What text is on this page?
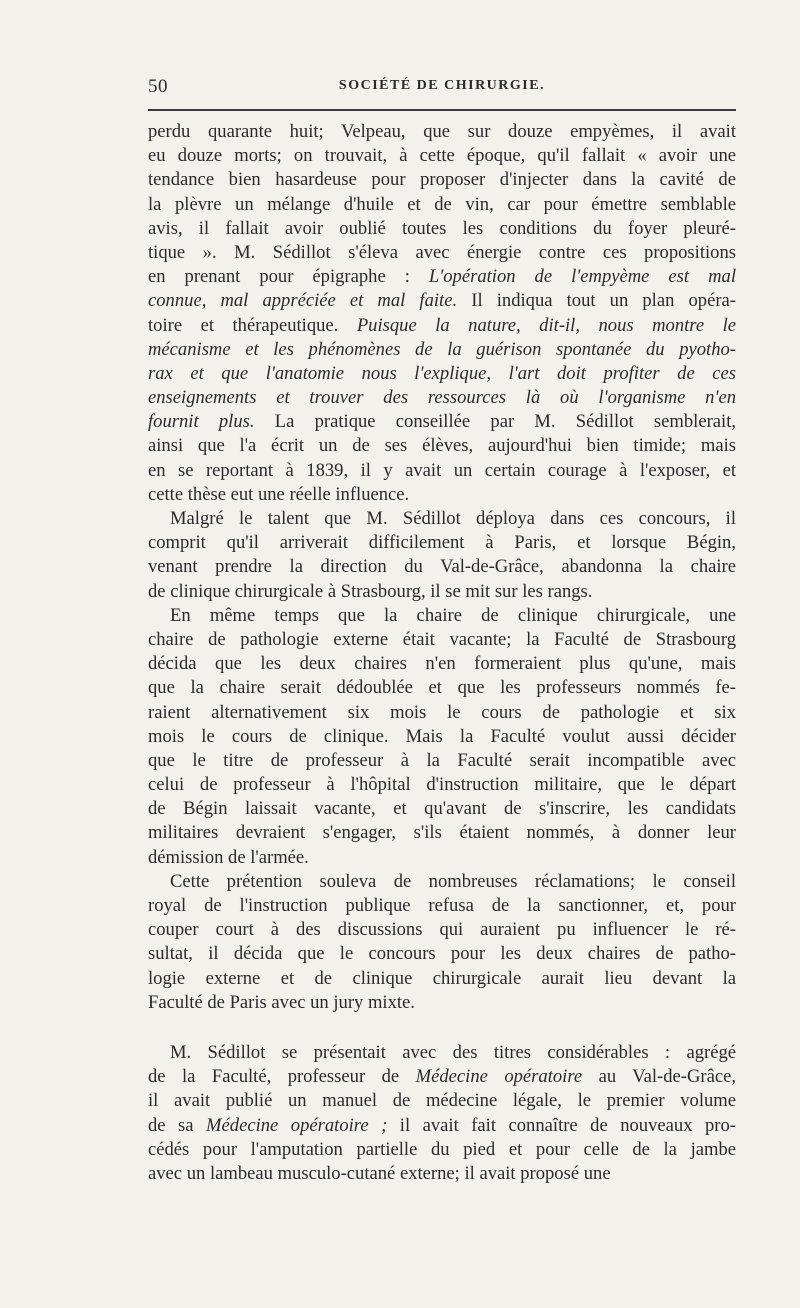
50	SOCIÉTÉ DE CHIRURGIE.
perdu quarante huit; Velpeau, que sur douze empyèmes, il avait
eu douze morts; on trouvait, à cette époque, qu'il fallait « avoir une
tendance bien hasardeuse pour proposer d'injecter dans la cavité de
la plèvre un mélange d'huile et de vin, car pour émettre semblable
avis, il fallait avoir oublié toutes les conditions du foyer pleuré-
tique ». M. Sédillot s'éleva avec énergie contre ces propositions
en prenant pour épigraphe : L'opération de l'empyème est mal
connue, mal appréciée et mal faite. Il indiqua tout un plan opéra-
toire et thérapeutique. Puisque la nature, dit-il, nous montre le
mécanisme et les phénomènes de la guérison spontanée du pyotho-
rax et que l'anatomie nous l'explique, l'art doit profiter de ces
enseignements et trouver des ressources là où l'organisme n'en
fournit plus. La pratique conseillée par M. Sédillot semblerait,
ainsi que l'a écrit un de ses élèves, aujourd'hui bien timide; mais
en se reportant à 1839, il y avait un certain courage à l'exposer, et
cette thèse eut une réelle influence.
Malgré le talent que M. Sédillot déploya dans ces concours, il
comprit qu'il arriverait difficilement à Paris, et lorsque Bégin,
venant prendre la direction du Val-de-Grâce, abandonna la chaire
de clinique chirurgicale à Strasbourg, il se mit sur les rangs.
En même temps que la chaire de clinique chirurgicale, une
chaire de pathologie externe était vacante; la Faculté de Strasbourg
décida que les deux chaires n'en formeraient plus qu'une, mais
que la chaire serait dédoublée et que les professeurs nommés fe-
raient alternativement six mois le cours de pathologie et six
mois le cours de clinique. Mais la Faculté voulut aussi décider
que le titre de professeur à la Faculté serait incompatible avec
celui de professeur à l'hôpital d'instruction militaire, que le départ
de Bégin laissait vacante, et qu'avant de s'inscrire, les candidats
militaires devraient s'engager, s'ils étaient nommés, à donner leur
démission de l'armée.
Cette prétention souleva de nombreuses réclamations; le conseil
royal de l'instruction publique refusa de la sanctionner, et, pour
couper court à des discussions qui auraient pu influencer le ré-
sultat, il décida que le concours pour les deux chaires de patho-
logie externe et de clinique chirurgicale aurait lieu devant la
Faculté de Paris avec un jury mixte.
M. Sédillot se présentait avec des titres considérables : agrégé
de la Faculté, professeur de Médecine opératoire au Val-de-Grâce,
il avait publié un manuel de médecine légale, le premier volume
de sa Médecine opératoire ; il avait fait connaître de nouveaux pro-
cédés pour l'amputation partielle du pied et pour celle de la jambe
avec un lambeau musculo-cutané externe; il avait proposé une
